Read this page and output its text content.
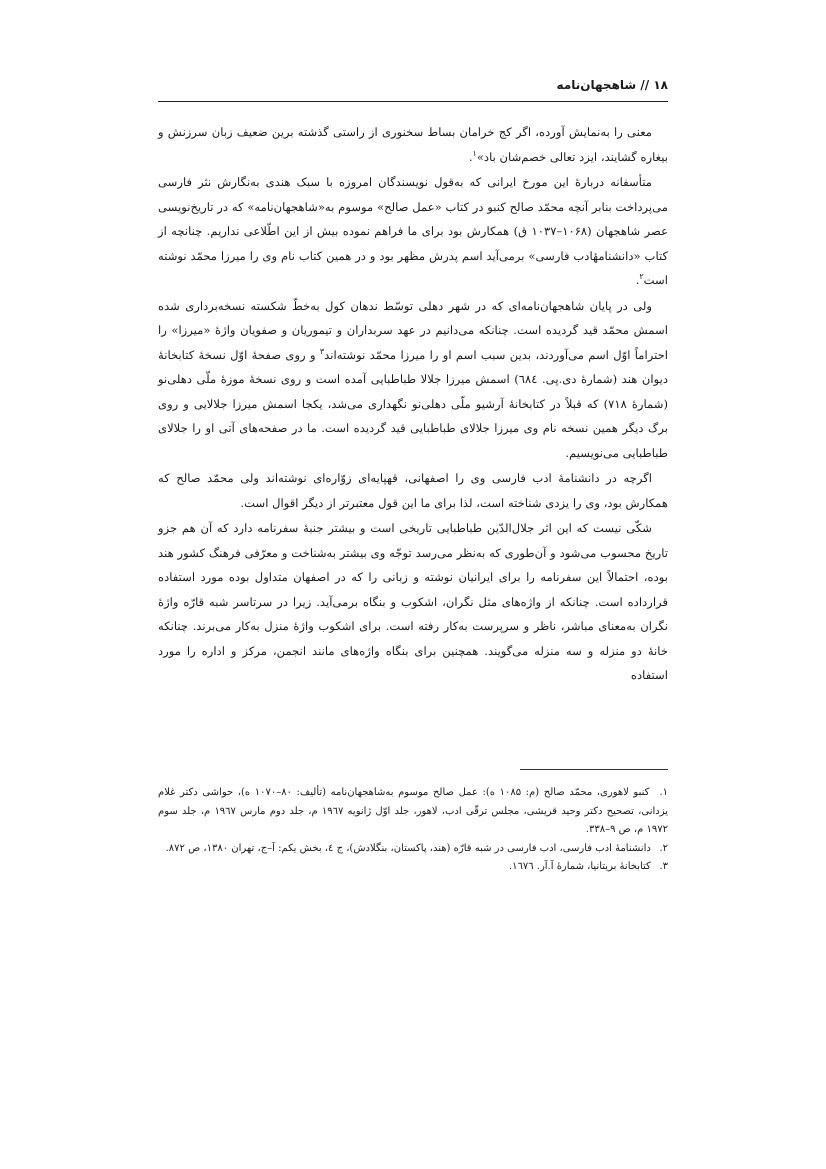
۱۸ // شاهجهان‌نامه

معنی را به‌نمایش آورده، اگر کج خرامان بساط سخنوری از راستی گذشته برین ضعیف زبان سرزنش و بیغاره گشایند، ایزد تعالی خصم‌شان باد»$^۱$.

متأسفانه دربارهٔ این مورخ ایرانی که به‌قول نویسندگان امروزه با سبک هندی به‌نگارش نثر فارسی می‌پرداخت بنابر آنچه محمّد صالح کنبو در کتاب «عمل صالح» موسوم به«شاهجهان‌نامه» که در تاریخ‌نویسی عصر شاهجهان (۱۰۶۸–۱۰۳۷ ق) همکارش بود برای ما فراهم نموده بیش از این اطّلاعی نداریم. چنانچه از کتاب «دانشنامهٔادب فارسی» برمی‌آید اسم پدرش مظهر بود و در همین کتاب نام وی را میرزا محمّد نوشته است$^۲$.

ولی در پایان شاهجهان‌نامه‌ای که در شهر دهلی توسّط ندهان کول به‌خطّ شکسته نسخه‌برداری شده اسمش محمّد قید گردیده است. چنانکه می‌دانیم در عهد سربداران و تیموریان و صفویان واژهٔ «میرزا» را احتراماً اوّل اسم می‌آوردند، بدین سبب اسم او را میرزا محمّد نوشته‌اند$^۳$ و روی صفحهٔ اوّل نسخهٔ کتابخانهٔ دیوان هند (شمارهٔ دی.پی. ٦٨٤) اسمش میرزا جلالا طباطبایی آمده است و روی نسخهٔ موزهٔ ملّی دهلی‌نو (شمارهٔ ۷۱۸) که قبلاً در کتابخانهٔ آرشیو ملّی دهلی‌نو نگهداری می‌شد، یکجا اسمش میرزا جلالایی و روی برگ دیگر همین نسخه نام وی میرزا جلالای طباطبایی قید گردیده است. ما در صفحه‌های آتی او را جلالای طباطبایی می‌نویسیم.

اگرچه در دانشنامهٔ ادب فارسی وی را اصفهانی، قهپایه‌ای زوّاره‌ای نوشته‌اند ولی محمّد صالح که همکارش بود، وی را یزدی شناخته است، لذا برای ما این قول معتبرتر از دیگر اقوال است.

شکّی نیست که این اثر جلال‌الدّین طباطبایی تاریخی است و بیشتر جنبهٔ سفرنامه دارد که آن هم جزو تاریخ محسوب می‌شود و آن‌طوری که به‌نظر می‌رسد توجّه وی بیشتر به‌شناخت و معرّفی فرهنگ کشور هند بوده، احتمالاً این سفرنامه را برای ایرانیان نوشته و زبانی را که در اصفهان متداول بوده مورد استفاده قرارداده است. چنانکه از واژه‌های مثل نگران، اشکوب و بنگاه برمی‌آید. زیرا در سرتاسر شبه قارّه واژهٔ نگران به‌معنای مباشر، ناظر و سرپرست به‌کار رفته است. برای اشکوب واژهٔ منزل به‌کار می‌برند. چنانکه خانهٔ دو منزله و سه منزله می‌گویند. همچنین برای بنگاه واژه‌های مانند انجمن، مرکز و اداره را مورد استفاده

۱. کنبو لاهوری، محمّد صالح (م: ۱۰۸۵ ه): عمل صالح موسوم به‌شاهجهان‌نامه (تألیف: ۸۰–۱۰۷۰ ه)، حواشی دکتر غلام یزدانی، تصحیح دکتر وحید قریشی، مجلس ترقّی ادب، لاهور، جلد اوّل ژانویه ۱۹٦۷ م، جلد دوم مارس ۱۹٦۷ م، جلد سوم ۱۹۷۲ م، ص ۹–۳۳۸.
۲. دانشنامهٔ ادب فارسی، ادب فارسی در شبه قارّه (هند، پاکستان، بنگلادش)، ج ٤، بخش یکم: آ–ج، تهران ۱۳۸۰، ص ۸۷۲.
۳. کتابخانهٔ بریتانیا، شمارهٔ آ.آر. ۱٦۷٦.
